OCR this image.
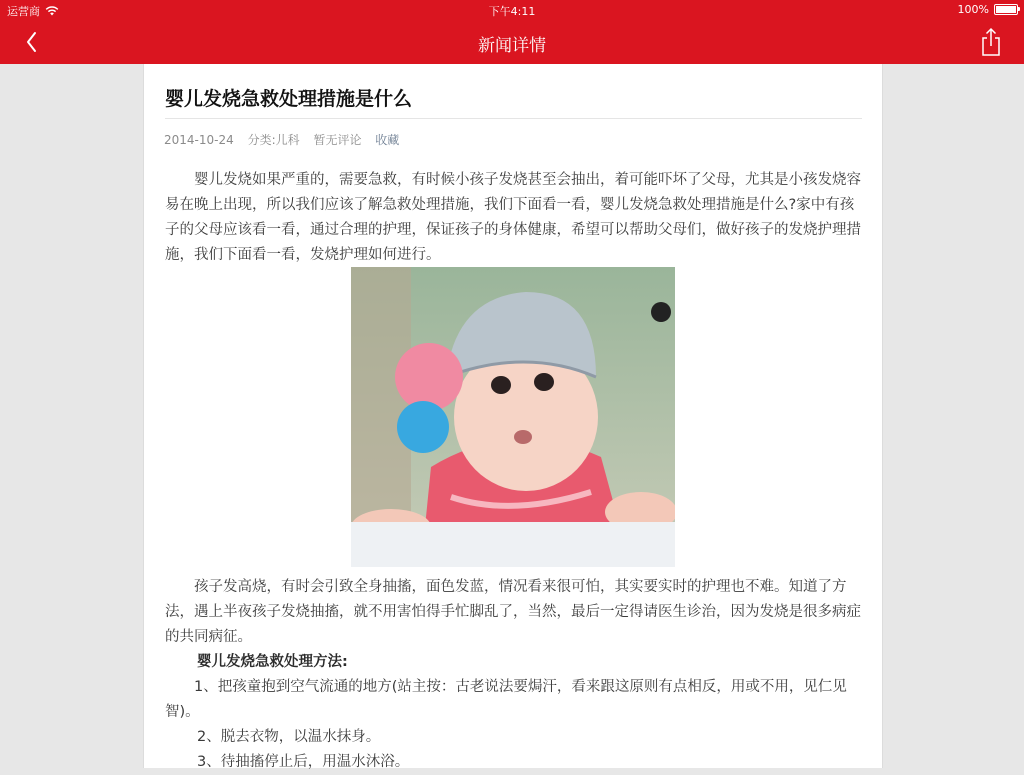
运营商	下午4:11	100%
新闻详情
婴儿发烧急救处理措施是什么
2014-10-24 分类:儿科 暂无评论 收藏
婴儿发烧如果严重的，需要急救，有时候小孩子发烧甚至会抽出，着可能吓坏了父母，尤其是小孩发烧容易在晚上出现，所以我们应该了解急救处理措施，我们下面看一看，婴儿发烧急救处理措施是什么?家中有孩子的父母应该看一看，通过合理的护理，保证孩子的身体健康，希望可以帮助父母们，做好孩子的发烧护理措施，我们下面看一看，发烧护理如何进行。
孩子发高烧，有时会引致全身抽搐，面色发蓝，情况看来很可怕，其实要实时的护理也不难。知道了方法，遇上半夜孩子发烧抽搐，就不用害怕得手忙脚乱了，当然，最后一定得请医生诊治，因为发烧是很多病症的共同病征。
婴儿发烧急救处理方法:
1、把孩童抱到空气流通的地方(站主按：古老说法要焗汗，看来跟这原则有点相反，用或不用，见仁见智)。
2、脱去衣物，以温水抹身。
3、待抽搐停止后，用温水沐浴。
